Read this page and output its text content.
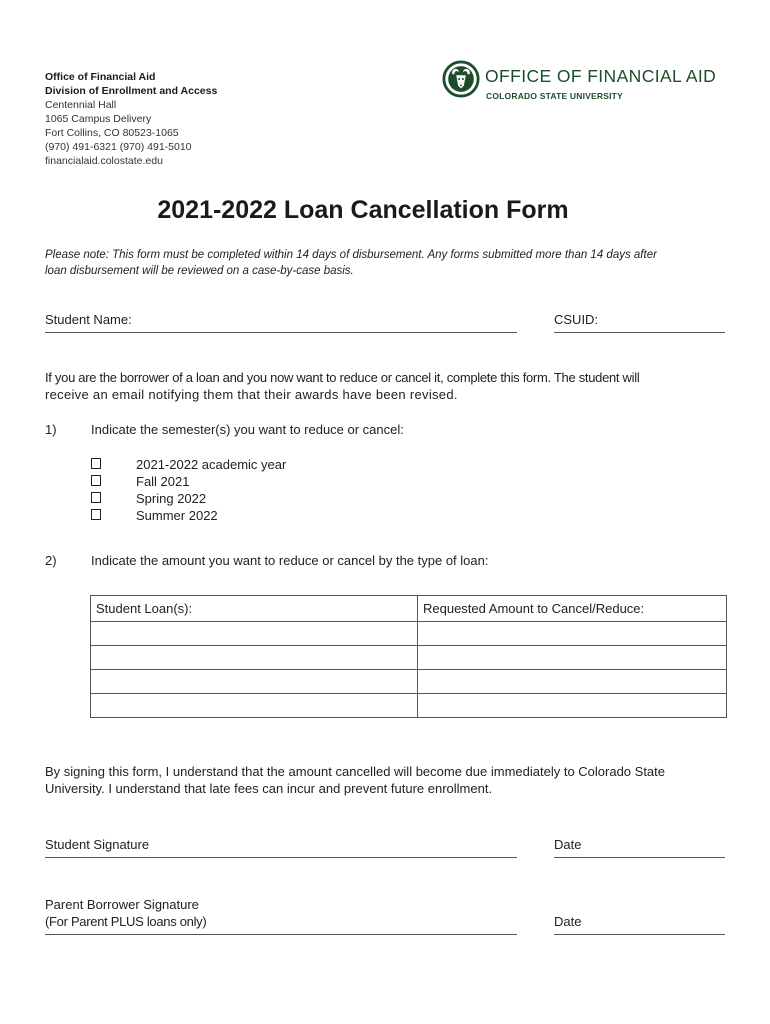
Office of Financial Aid
Division of Enrollment and Access
Centennial Hall
1065 Campus Delivery
Fort Collins, CO 80523-1065
(970) 491-6321 (970) 491-5010
financialaid.colostate.edu
OFFICE OF FINANCIAL AID
COLORADO STATE UNIVERSITY
2021-2022 Loan Cancellation Form
Please note: This form must be completed within 14 days of disbursement. Any forms submitted more than 14 days after
loan disbursement will be reviewed on a case-by-case basis.
Student Name:	CSUID:
If you are the borrower of a loan and you now want to reduce or cancel it, complete this form. The student will
receive an email notifying them that their awards have been revised.
1)	Indicate the semester(s) you want to reduce or cancel:
2021-2022 academic year
Fall 2021
Spring 2022
Summer 2022
2)	Indicate the amount you want to reduce or cancel by the type of loan:
Student Loan(s):	Requested Amount to Cancel/Reduce:

By signing this form, I understand that the amount cancelled will become due immediately to Colorado State
University. I understand that late fees can incur and prevent future enrollment.
Student Signature	Date
Parent Borrower Signature
(For Parent PLUS loans only)	Date
